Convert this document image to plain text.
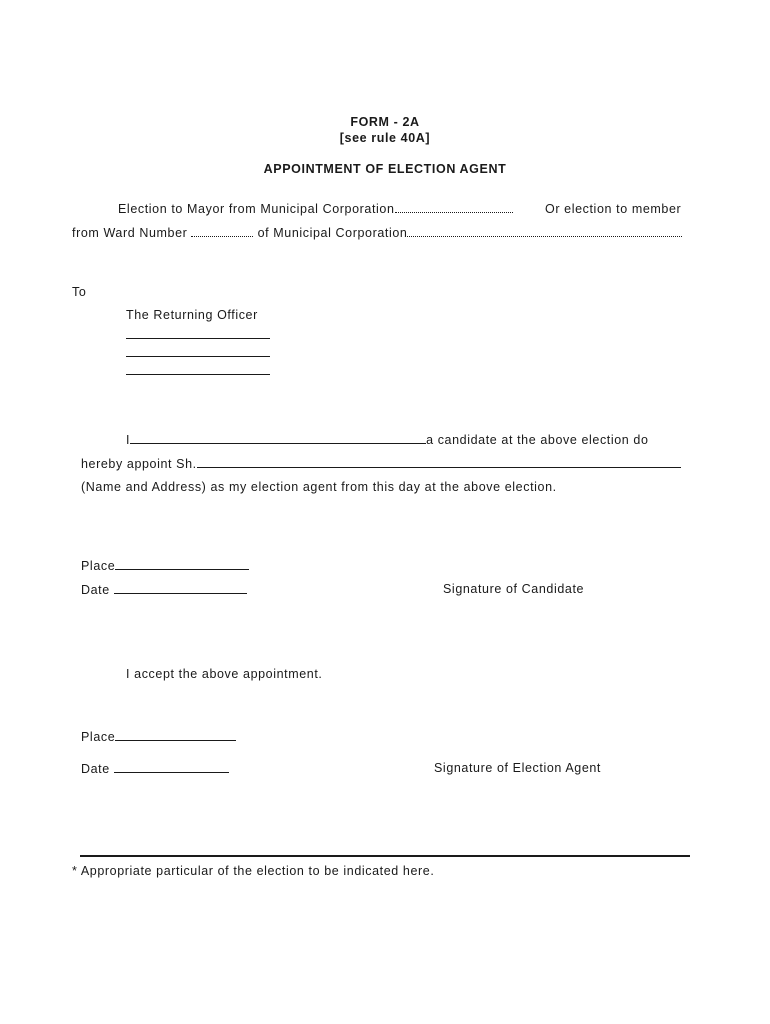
FORM - 2A
[see rule 40A]
APPOINTMENT OF ELECTION AGENT
Election to Mayor from Municipal Corporation	Or election to member
from Ward Number	of Municipal Corporation
To
The Returning Officer
I	a candidate at the above election do
hereby appoint Sh.
(Name and Address) as my election agent from this day at the above election.
Place
Date	Signature of Candidate
I accept the above appointment.
Place
Date	Signature of Election Agent
* Appropriate particular of the election to be indicated here.
